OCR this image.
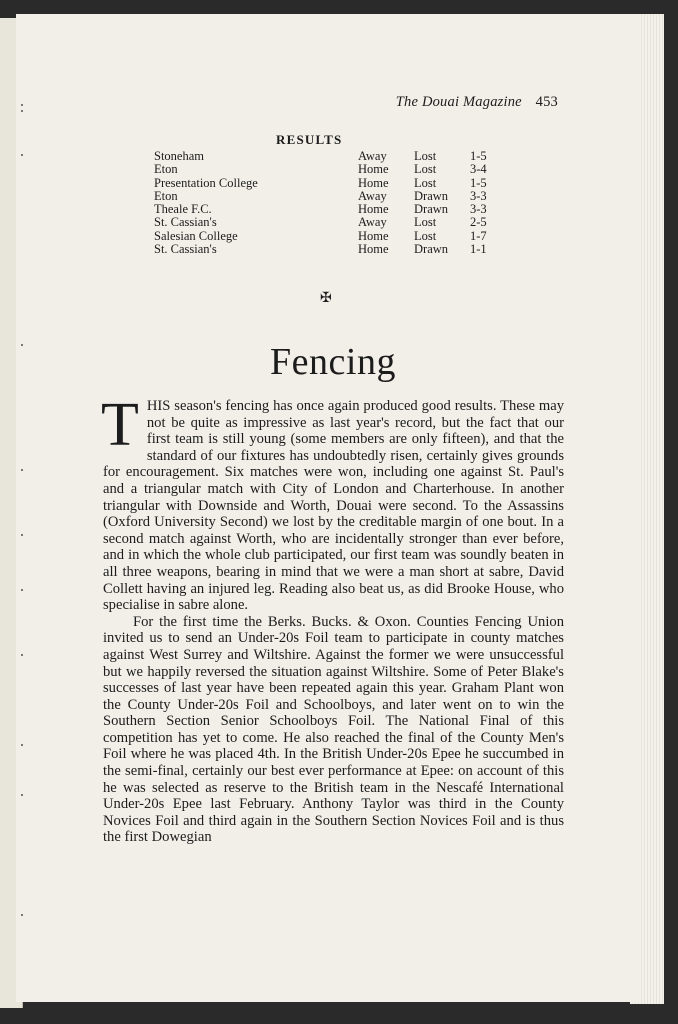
The Douai Magazine 453
RESULTS
Stoneham	Away	Lost	1-5
Eton	Home	Lost	3-4
Presentation College	Home	Lost	1-5
Eton	Away	Drawn	3-3
Theale F.C.	Home	Drawn	3-3
St. Cassian's	Away	Lost	2-5
Salesian College	Home	Lost	1-7
St. Cassian's	Home	Drawn	1-1
✠
Fencing

THIS season's fencing has once again produced good results. These may not be quite as impressive as last year's record, but the fact that our first team is still young (some members are only fifteen), and that the standard of our fixtures has undoubtedly risen, certainly gives grounds for encouragement. Six matches were won, including one against St. Paul's and a triangular match with City of London and Charterhouse. In another triangular with Downside and Worth, Douai were second. To the Assassins (Oxford University Second) we lost by the creditable margin of one bout. In a second match against Worth, who are incidentally stronger than ever before, and in which the whole club participated, our first team was soundly beaten in all three weapons, bearing in mind that we were a man short at sabre, David Collett having an injured leg. Reading also beat us, as did Brooke House, who specialise in sabre alone.

For the first time the Berks. Bucks. & Oxon. Counties Fencing Union invited us to send an Under-20s Foil team to participate in county matches against West Surrey and Wiltshire. Against the former we were unsuccessful but we happily reversed the situation against Wiltshire. Some of Peter Blake's successes of last year have been repeated again this year. Graham Plant won the County Under-20s Foil and Schoolboys, and later went on to win the Southern Section Senior Schoolboys Foil. The National Final of this competition has yet to come. He also reached the final of the County Men's Foil where he was placed 4th. In the British Under-20s Epee he succumbed in the semi-final, certainly our best ever performance at Epee: on account of this he was selected as reserve to the British team in the Nescafé International Under-20s Epee last February. Anthony Taylor was third in the County Novices Foil and third again in the Southern Section Novices Foil and is thus the first Dowegian
